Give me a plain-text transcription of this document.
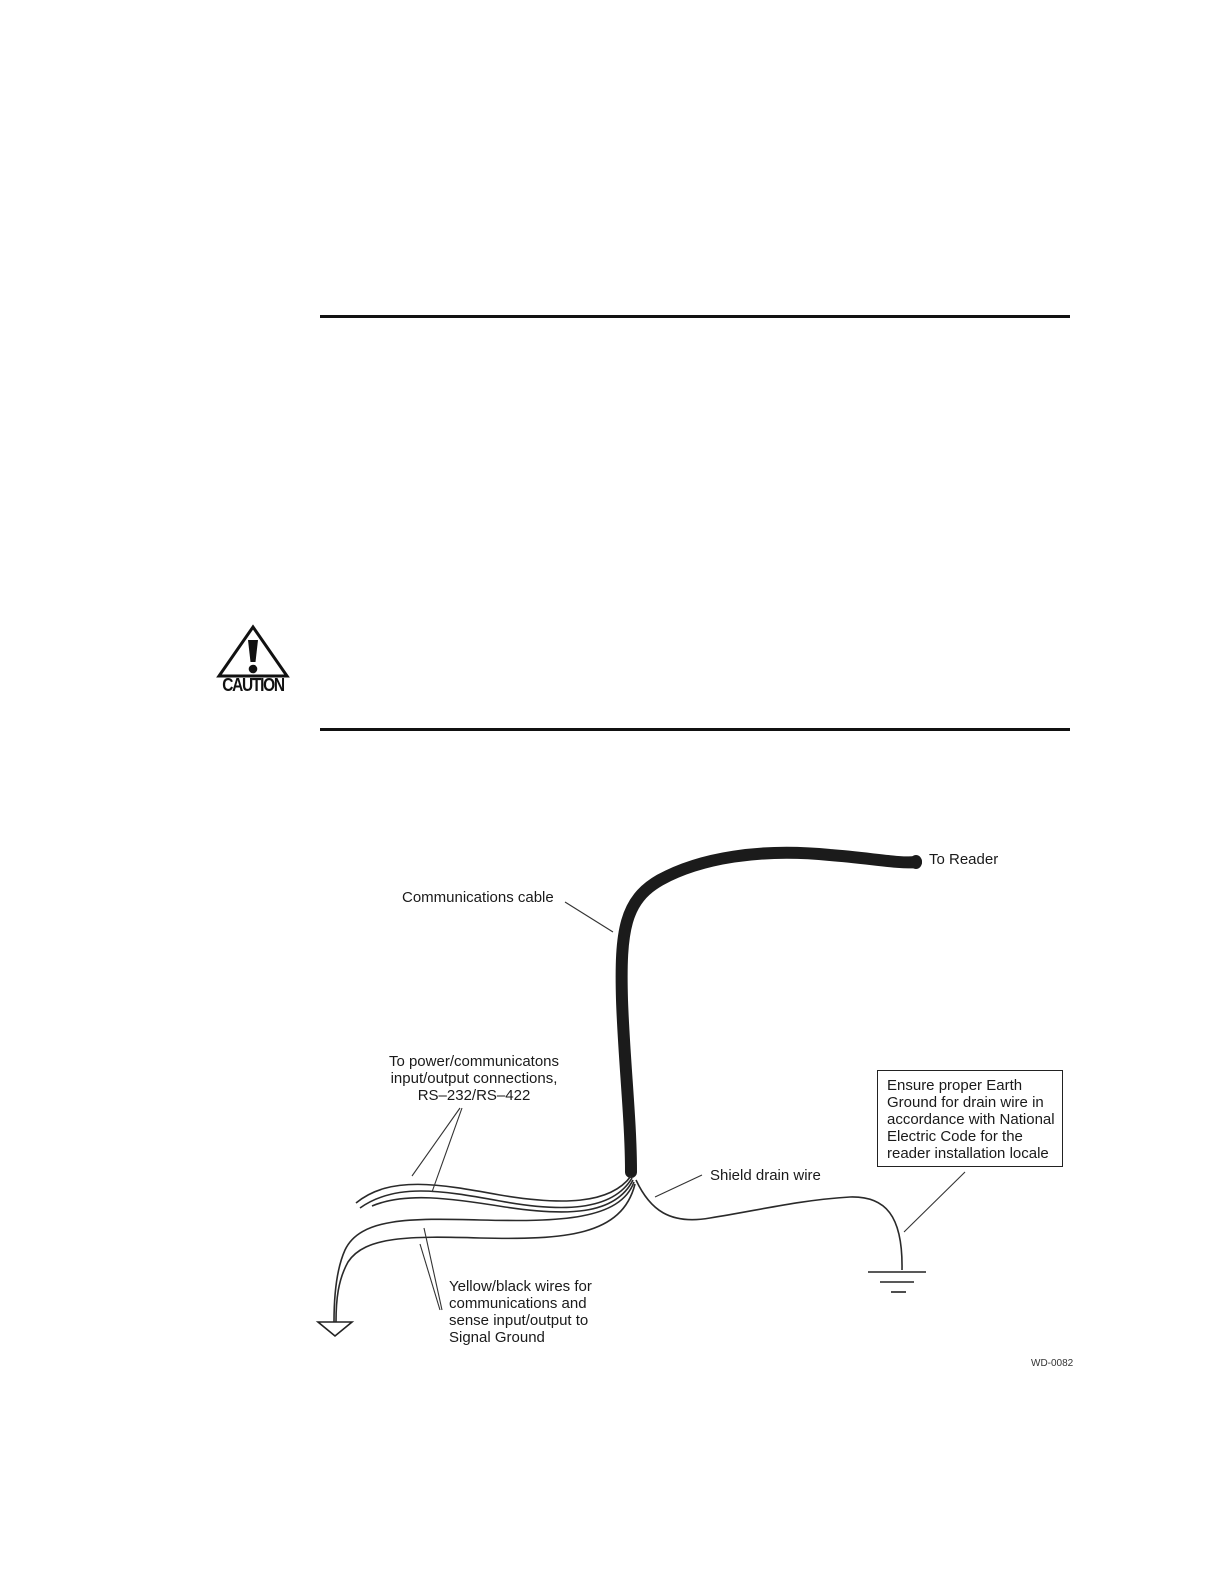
CAUTION
To Reader
Communications cable
To power/communicatons
input/output connections,
RS–232/RS–422
Shield drain wire
Ensure proper Earth
Ground for drain wire in
accordance with National
Electric Code for the
reader installation locale
Yellow/black wires for
communications and
sense input/output to
Signal Ground
WD-0082
